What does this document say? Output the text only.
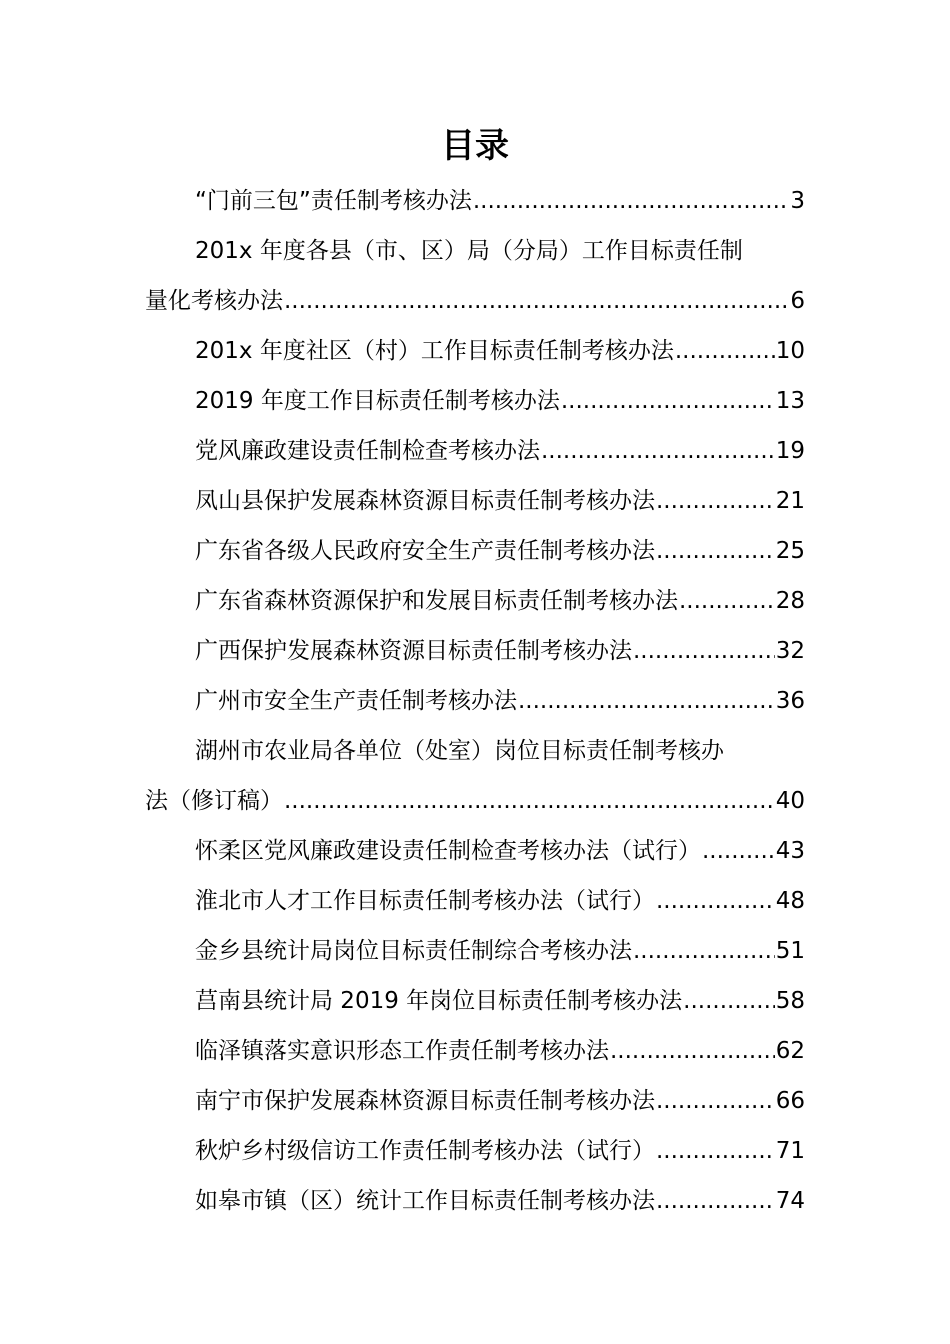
目录
“门前三包”责任制考核办法 .....	3
201x 年度各县（市、区）局（分局）工作目标责任制
量化考核办法 .....	6
201x 年度社区（村）工作目标责任制考核办法 .....	10
2019 年度工作目标责任制考核办法 .....	13
党风廉政建设责任制检查考核办法 .....	19
凤山县保护发展森林资源目标责任制考核办法 .....	21
广东省各级人民政府安全生产责任制考核办法 .....	25
广东省森林资源保护和发展目标责任制考核办法 .....	28
广西保护发展森林资源目标责任制考核办法 .....	32
广州市安全生产责任制考核办法 .....	36
湖州市农业局各单位（处室）岗位目标责任制考核办
法（修订稿） .....	40
怀柔区党风廉政建设责任制检查考核办法（试行） .....	43
淮北市人才工作目标责任制考核办法（试行） .....	48
金乡县统计局岗位目标责任制综合考核办法 .....	51
莒南县统计局 2019 年岗位目标责任制考核办法 .....	58
临泽镇落实意识形态工作责任制考核办法 .....	62
南宁市保护发展森林资源目标责任制考核办法 .....	66
秋炉乡村级信访工作责任制考核办法（试行） .....	71
如皋市镇（区）统计工作目标责任制考核办法 .....	74
